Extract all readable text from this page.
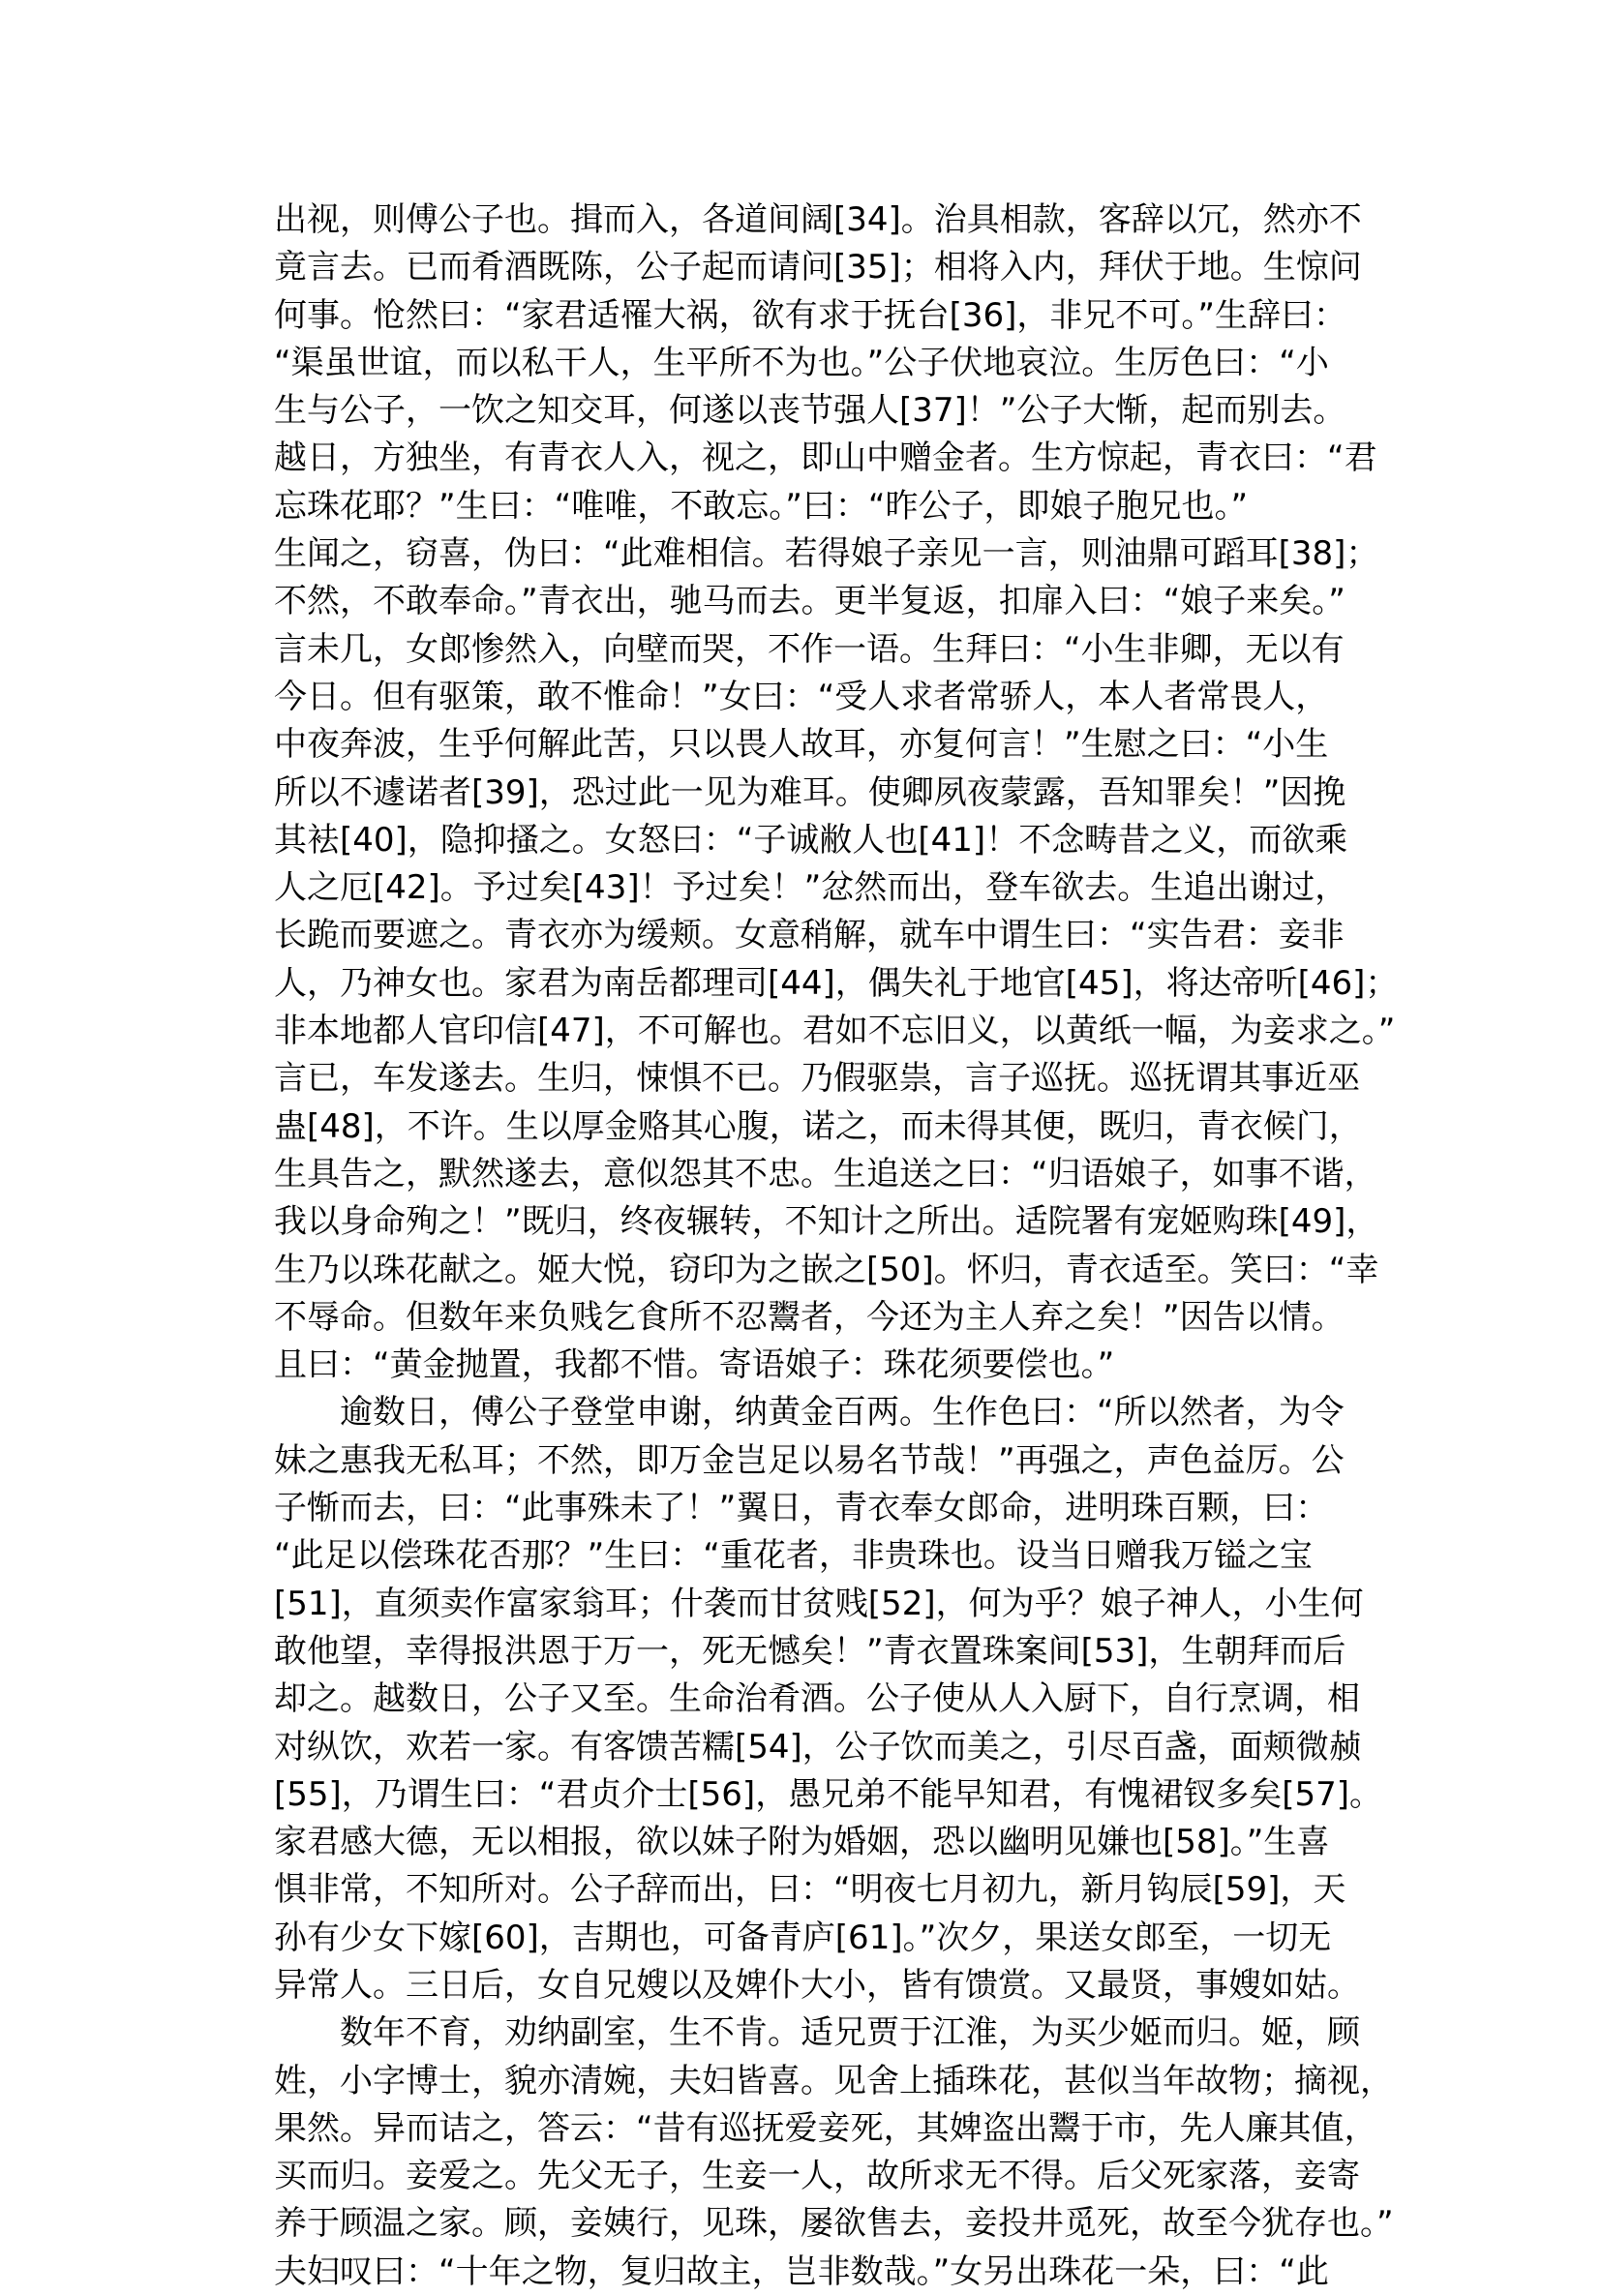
出视，则傅公子也。揖而入，各道间阔[34]。治具相款，客辞以冗，然亦不
竟言去。已而肴酒既陈，公子起而请问[35]；相将入内，拜伏于地。生惊问
何事。怆然曰：“家君适罹大祸，欲有求于抚台[36]，非兄不可。”生辞曰：
“渠虽世谊，而以私干人，生平所不为也。”公子伏地哀泣。生厉色曰：“小
生与公子，一饮之知交耳，何遂以丧节强人[37]！”公子大惭，起而别去。
越日，方独坐，有青衣人入，视之，即山中赠金者。生方惊起，青衣曰：“君
忘珠花耶？”生曰：“唯唯，不敢忘。”曰：“昨公子，即娘子胞兄也。”
生闻之，窃喜，伪曰：“此难相信。若得娘子亲见一言，则油鼎可蹈耳[38]；
不然，不敢奉命。”青衣出，驰马而去。更半复返，扣扉入曰：“娘子来矣。”
言未几，女郎惨然入，向壁而哭，不作一语。生拜曰：“小生非卿，无以有
今日。但有驱策，敢不惟命！”女曰：“受人求者常骄人，本人者常畏人，
中夜奔波，生乎何解此苦，只以畏人故耳，亦复何言！”生慰之曰：“小生
所以不遽诺者[39]，恐过此一见为难耳。使卿夙夜蒙露，吾知罪矣！”因挽
其袪[40]，隐抑搔之。女怒曰：“子诚敝人也[41]！不念畴昔之义，而欲乘
人之厄[42]。予过矣[43]！予过矣！”忿然而出，登车欲去。生追出谢过，
长跪而要遮之。青衣亦为缓颊。女意稍解，就车中谓生曰：“实告君：妾非
人，乃神女也。家君为南岳都理司[44]，偶失礼于地官[45]，将达帝听[46]；
非本地都人官印信[47]，不可解也。君如不忘旧义，以黄纸一幅，为妾求之。”
言已，车发遂去。生归，悚惧不已。乃假驱祟，言子巡抚。巡抚谓其事近巫
蛊[48]，不许。生以厚金赂其心腹，诺之，而未得其便，既归，青衣候门，
生具告之，默然遂去，意似怨其不忠。生追送之曰：“归语娘子，如事不谐，
我以身命殉之！”既归，终夜辗转，不知计之所出。适院署有宠姬购珠[49]，
生乃以珠花献之。姬大悦，窃印为之嵌之[50]。怀归，青衣适至。笑曰：“幸
不辱命。但数年来负贱乞食所不忍鬻者，今还为主人弃之矣！”因告以情。
且曰：“黄金抛置，我都不惜。寄语娘子：珠花须要偿也。”
　　逾数日，傅公子登堂申谢，纳黄金百两。生作色曰：“所以然者，为令
妹之惠我无私耳；不然，即万金岂足以易名节哉！”再强之，声色益厉。公
子惭而去，曰：“此事殊未了！”翼日，青衣奉女郎命，进明珠百颗，曰：
“此足以偿珠花否那？”生曰：“重花者，非贵珠也。设当日赠我万镒之宝
[51]，直须卖作富家翁耳；什袭而甘贫贱[52]，何为乎？娘子神人，小生何
敢他望，幸得报洪恩于万一，死无憾矣！”青衣置珠案间[53]，生朝拜而后
却之。越数日，公子又至。生命治肴酒。公子使从人入厨下，自行烹调，相
对纵饮，欢若一家。有客馈苦糯[54]，公子饮而美之，引尽百盏，面颊微赪
[55]，乃谓生曰：“君贞介士[56]，愚兄弟不能早知君，有愧裙钗多矣[57]。
家君感大德，无以相报，欲以妹子附为婚姻，恐以幽明见嫌也[58]。”生喜
惧非常，不知所对。公子辞而出，曰：“明夜七月初九，新月钩辰[59]，天
孙有少女下嫁[60]，吉期也，可备青庐[61]。”次夕，果送女郎至，一切无
异常人。三日后，女自兄嫂以及婢仆大小，皆有馈赏。又最贤，事嫂如姑。
　　数年不育，劝纳副室，生不肯。适兄贾于江淮，为买少姬而归。姬，顾
姓，小字博士，貌亦清婉，夫妇皆喜。见舍上插珠花，甚似当年故物；摘视，
果然。异而诘之，答云：“昔有巡抚爱妾死，其婢盗出鬻于市，先人廉其值，
买而归。妾爱之。先父无子，生妾一人，故所求无不得。后父死家落，妾寄
养于顾温之家。顾，妾姨行，见珠，屡欲售去，妾投井觅死，故至今犹存也。”
夫妇叹曰：“十年之物，复归故主，岂非数哉。”女另出珠花一朵，曰：“此
